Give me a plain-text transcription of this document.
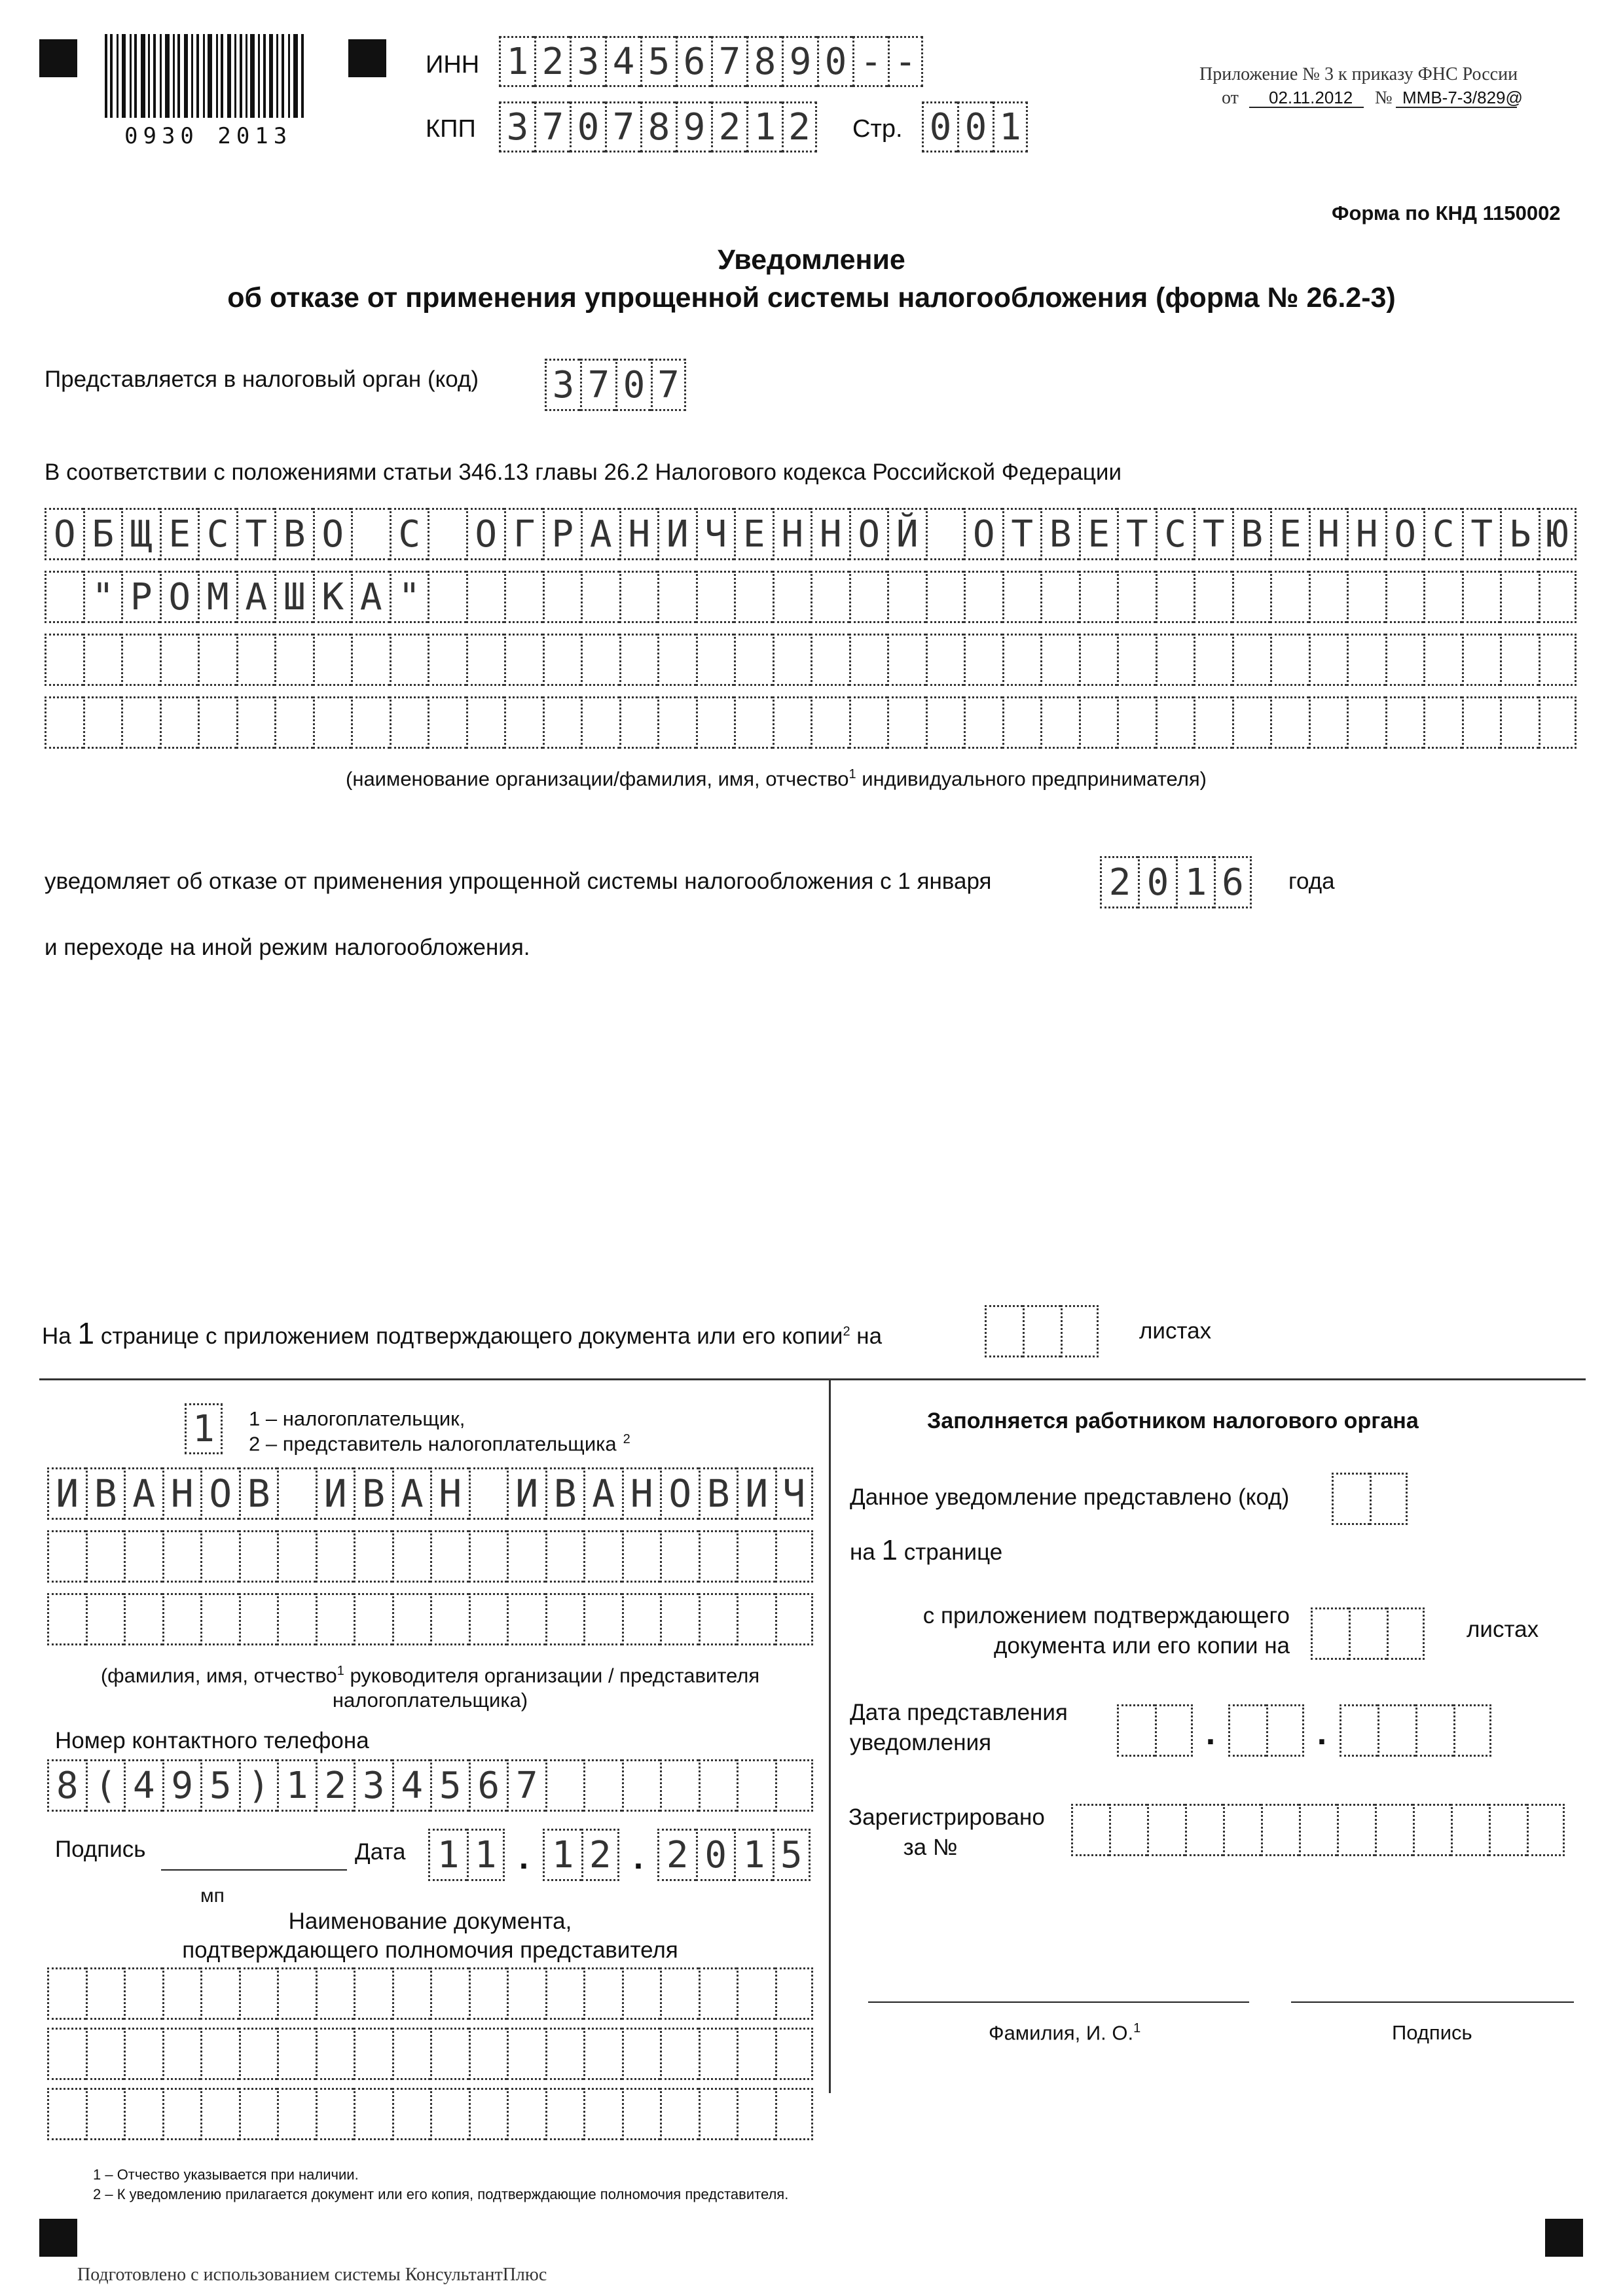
0930 2013
ИНН 1 2 3 4 5 6 7 8 9 0 - -
КПП 3 7 0 7 8 9 2 1 2 Стр. 0 0 1
Приложение № 3 к приказу ФНС России
от 02.11.2012 № ММВ-7-3/829@
Форма по КНД 1150002
Уведомление
об отказе от применения упрощенной системы налогообложения (форма № 26.2-3)
Представляется в налоговый орган (код) 3 7 0 7
В соответствии с положениями статьи 346.13 главы 26.2 Налогового кодекса Российской Федерации
О Б Щ Е С Т В О С О Г Р А Н И Ч Е Н Н О Й О Т В Е Т С Т В Е Н Н О С Т Ь Ю
" Р О М А Ш К А "
(наименование организации/фамилия, имя, отчество$^1$ индивидуального предпринимателя)
уведомляет об отказе от применения упрощенной системы налогообложения с 1 января	2 0 1 6	года
и переходе на иной режим налогообложения.
На 1 странице с приложением подтверждающего документа или его копии$^2$ на	листах
1	1 – налогоплательщик,
2 – представитель налогоплательщика $^2$
И В А Н О В И В А Н И В А Н О В И Ч
(фамилия, имя, отчество$^1$ руководителя организации / представителя
налогоплательщика)
Номер контактного телефона
8 ( 4 9 5 ) 1 2 3 4 5 6 7
Подпись	Дата 1 1 . 1 2 . 2 0 1 5
мп
Наименование документа,
подтверждающего полномочия представителя
Заполняется работником налогового органа
Данное уведомление представлено (код)
на 1 странице
с приложением подтверждающего
документа или его копии на
листах
Дата представления
уведомления	.	.
Зарегистрировано
за №
Фамилия, И. О.$^1$	Подпись
1 – Отчество указывается при наличии.
2 – К уведомлению прилагается документ или его копия, подтверждающие полномочия представителя.
Подготовлено с использованием системы КонсультантПлюс
